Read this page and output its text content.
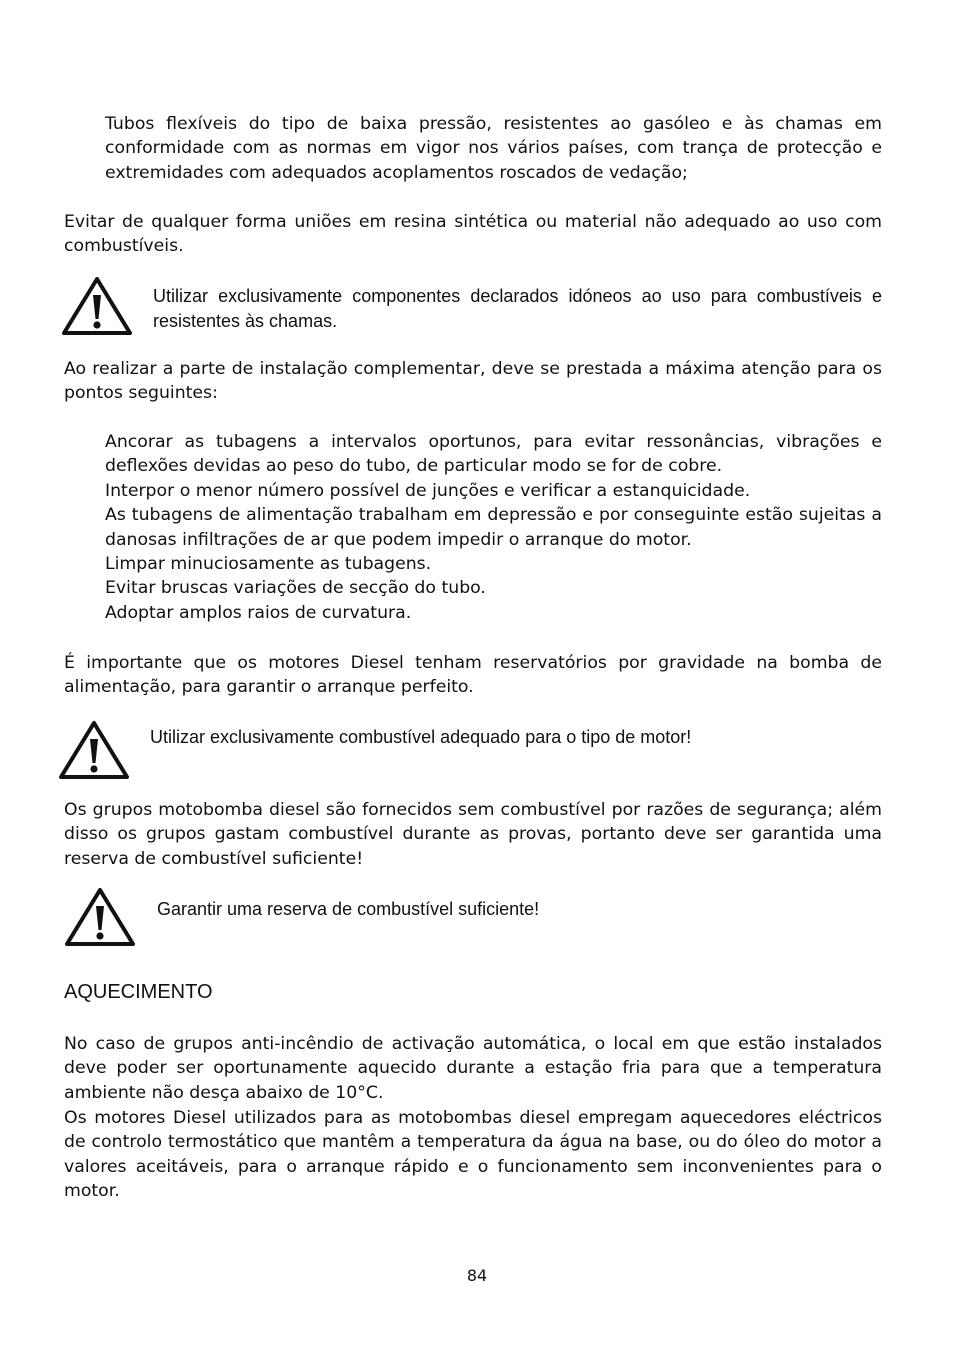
Tubos flexíveis do tipo de baixa pressão, resistentes ao gasóleo e às chamas em conformidade com as normas em vigor nos vários países, com trança de protecção e extremidades com adequados acoplamentos roscados de vedação;
Evitar de qualquer forma uniões em resina sintética ou material não adequado ao uso com combustíveis.
Utilizar exclusivamente componentes declarados idóneos ao uso para combustíveis e resistentes às chamas.
Ao realizar a parte de instalação complementar, deve se prestada a máxima atenção para os pontos seguintes:
Ancorar as tubagens a intervalos oportunos, para evitar ressonâncias, vibrações e deflexões devidas ao peso do tubo, de particular modo se for de cobre.
Interpor o menor número possível de junções e verificar a estanquicidade.
As tubagens de alimentação trabalham em depressão e por conseguinte estão sujeitas a danosas infiltrações de ar que podem impedir o arranque do motor.
Limpar minuciosamente as tubagens.
Evitar bruscas variações de secção do tubo.
Adoptar amplos raios de curvatura.
É importante que os motores Diesel tenham reservatórios por gravidade na bomba de alimentação, para garantir o arranque perfeito.
Utilizar exclusivamente combustível adequado para o tipo de motor!
Os grupos motobomba diesel são fornecidos sem combustível por razões de segurança; além disso os grupos gastam combustível durante as provas, portanto deve ser garantida uma reserva de combustível suficiente!
Garantir uma reserva de combustível suficiente!
AQUECIMENTO
No caso de grupos anti-incêndio de activação automática, o local em que estão instalados deve poder ser oportunamente aquecido durante a estação fria para que a temperatura ambiente não desça abaixo de 10°C.
Os motores Diesel utilizados para as motobombas diesel empregam aquecedores eléctricos de controlo termostático que mantêm a temperatura da água na base, ou do óleo do motor a valores aceitáveis, para o arranque rápido e o funcionamento sem inconvenientes para o motor.
84
